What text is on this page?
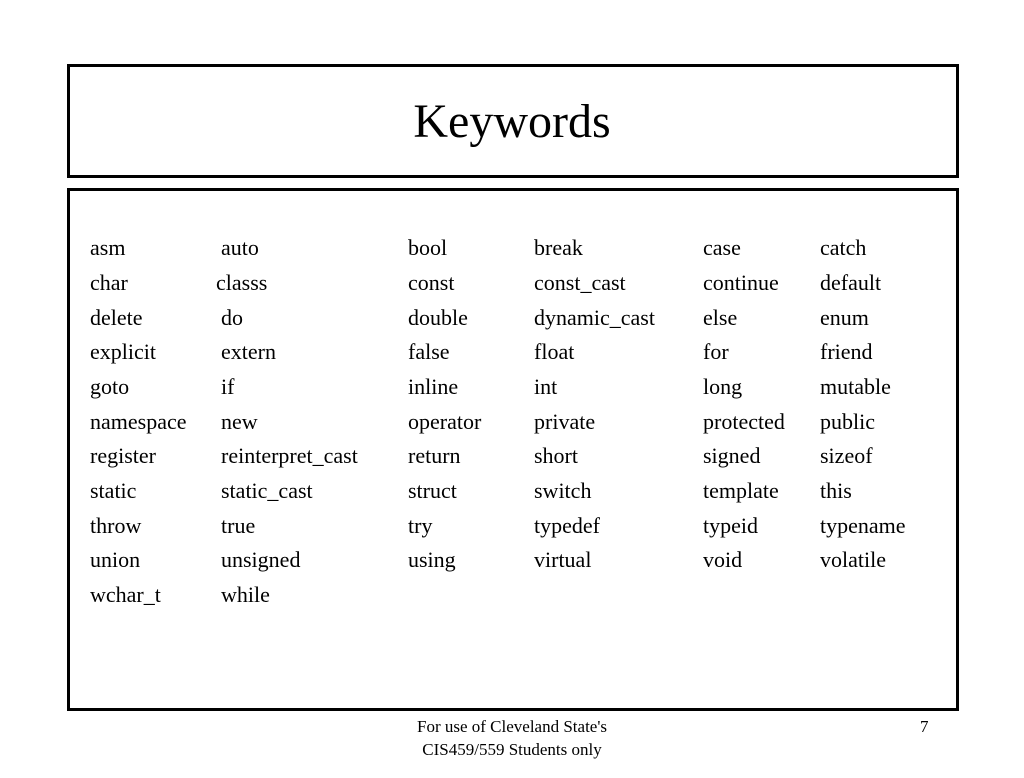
Keywords
asm	auto	bool	break	case	catch
char	classs	const	const_cast	continue default
delete	do	double	dynamic_cast else	enum
explicit	extern	false	float	for	friend
goto	if	inline	int	long	mutable
namespace new	operator private	protected public
register	reinterpret_cast return	short	signed	sizeof
static	static_cast	struct	switch	template this
throw	true	try	typedef	typeid	typename
union	unsigned	using	virtual	void	volatile
wchar_t	while
For use of Cleveland State's
CIS459/559 Students only
7
